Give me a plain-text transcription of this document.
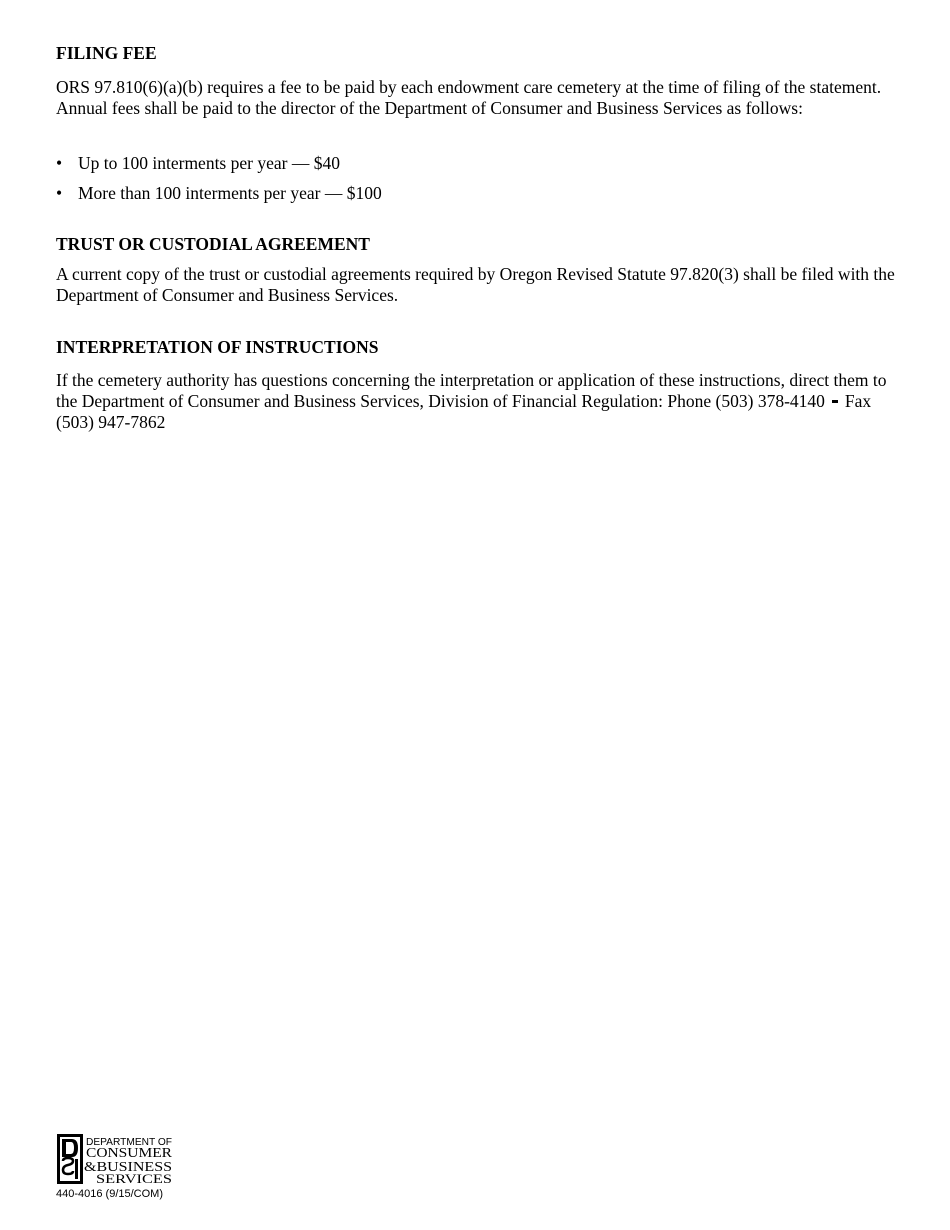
FILING FEE

ORS 97.810(6)(a)(b) requires a fee to be paid by each endowment care cemetery at the time of filing of the statement. Annual fees shall be paid to the director of the Department of Consumer and Business Services as follows:

• Up to 100 interments per year — $40
• More than 100 interments per year — $100
TRUST OR CUSTODIAL AGREEMENT

A current copy of the trust or custodial agreements required by Oregon Revised Statute 97.820(3) shall be filed with the Department of Consumer and Business Services.

INTERPRETATION OF INSTRUCTIONS

If the cemetery authority has questions concerning the interpretation or application of these instructions, direct them to the Department of Consumer and Business Services, Division of Financial Regulation: Phone (503) 378-4140 Fax (503) 947-7862

DEPARTMENT OF
CONSUMER
&BUSINESS
SERVICES
440-4016 (9/15/COM)
